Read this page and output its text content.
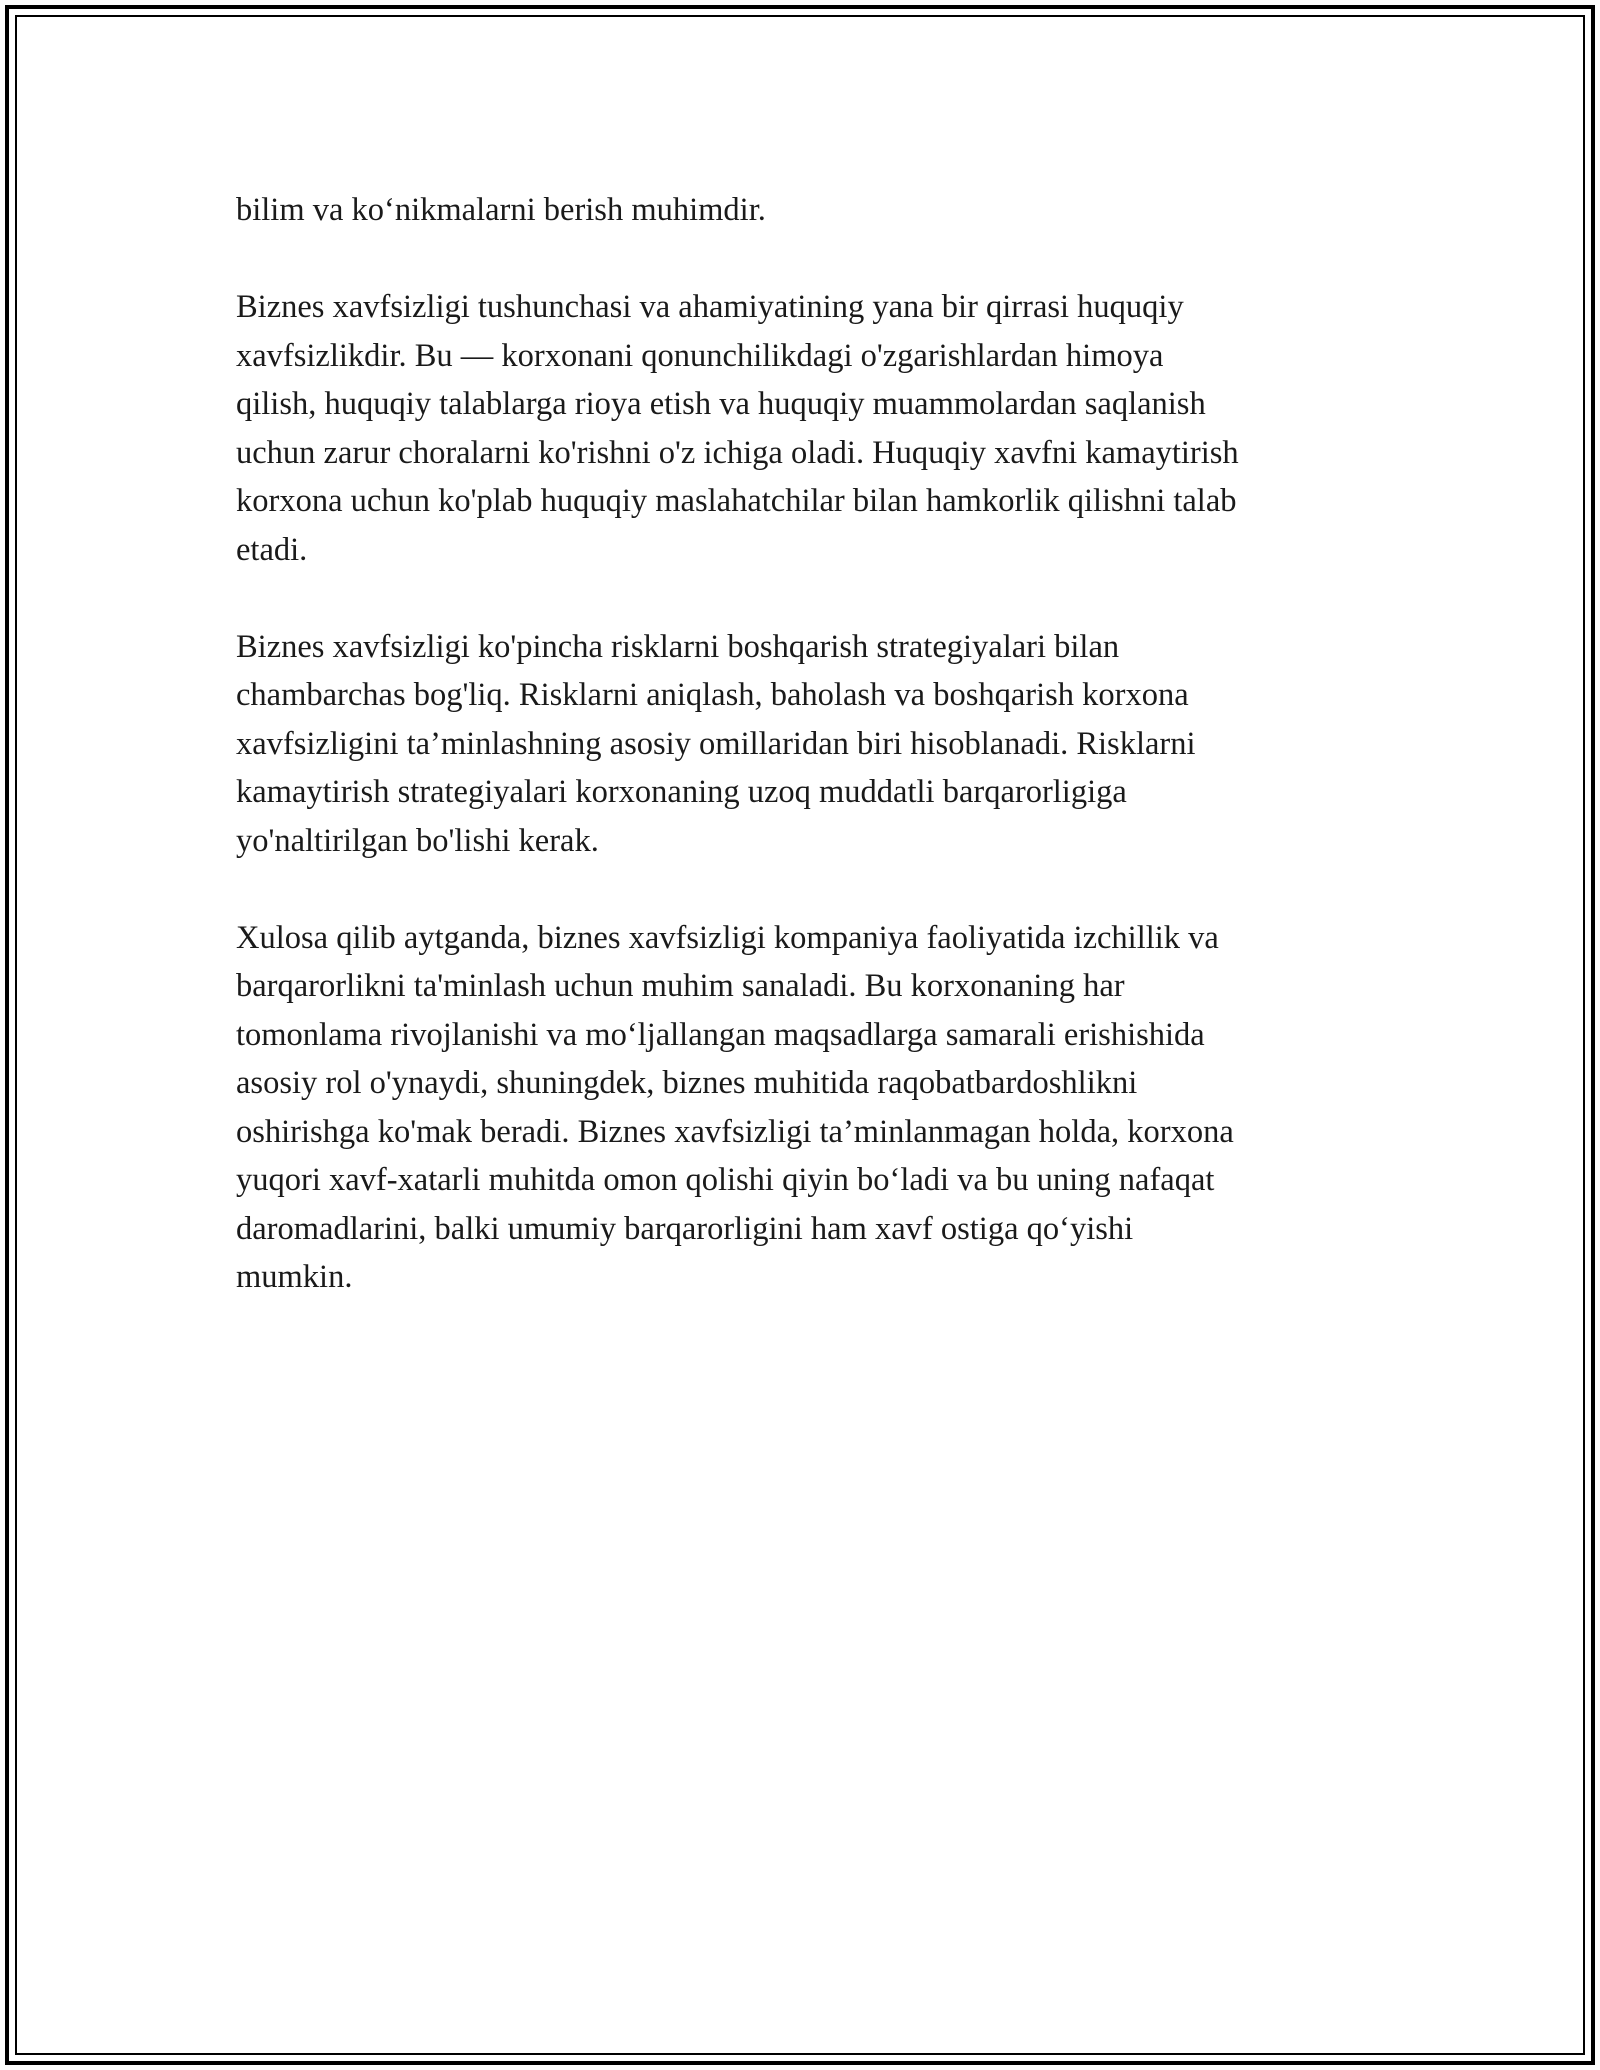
bilim va ko‘nikmalarni berish muhimdir.

Biznes xavfsizligi tushunchasi va ahamiyatining yana bir qirrasi huquqiy
xavfsizlikdir. Bu — korxonani qonunchilikdagi o'zgarishlardan himoya
qilish, huquqiy talablarga rioya etish va huquqiy muammolardan saqlanish
uchun zarur choralarni ko'rishni o'z ichiga oladi. Huquqiy xavfni kamaytirish
korxona uchun ko'plab huquqiy maslahatchilar bilan hamkorlik qilishni talab
etadi.

Biznes xavfsizligi ko'pincha risklarni boshqarish strategiyalari bilan
chambarchas bog'liq. Risklarni aniqlash, baholash va boshqarish korxona
xavfsizligini ta’minlashning asosiy omillaridan biri hisoblanadi. Risklarni
kamaytirish strategiyalari korxonaning uzoq muddatli barqarorligiga
yo'naltirilgan bo'lishi kerak.

Xulosa qilib aytganda, biznes xavfsizligi kompaniya faoliyatida izchillik va
barqarorlikni ta'minlash uchun muhim sanaladi. Bu korxonaning har
tomonlama rivojlanishi va mo‘ljallangan maqsadlarga samarali erishishida
asosiy rol o'ynaydi, shuningdek, biznes muhitida raqobatbardoshlikni
oshirishga ko'mak beradi. Biznes xavfsizligi ta’minlanmagan holda, korxona
yuqori xavf-xatarli muhitda omon qolishi qiyin bo‘ladi va bu uning nafaqat
daromadlarini, balki umumiy barqarorligini ham xavf ostiga qo‘yishi
mumkin.
